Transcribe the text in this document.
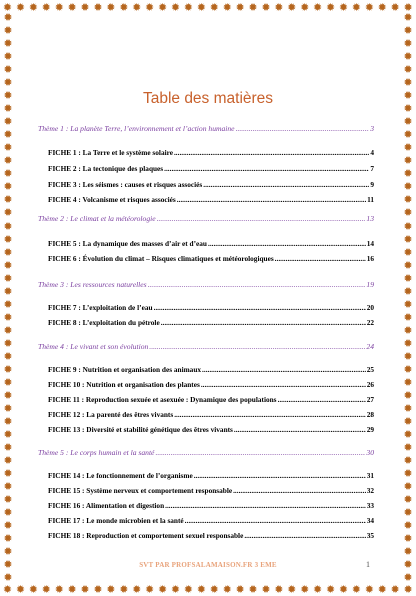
✹ ✹ ✹ ✹ ✹ ✹ ✹ ✹ ✹ ✹ ✹ ✹ ✹ ✹ ✹ ✹ ✹ ✹ ✹ ✹ ✹ ✹ ✹ ✹ ✹ ✹ ✹ ✹ ✹ ✹ ✹ ✹
✹ ✹ ✹ ✹ ✹ ✹ ✹ ✹ ✹ ✹ ✹ ✹ ✹ ✹ ✹ ✹ ✹ ✹ ✹ ✹ ✹ ✹ ✹ ✹ ✹ ✹ ✹ ✹ ✹ ✹ ✹ ✹
✹
✹
✹
✹
✹
✹
✹
✹
✹
✹
✹
✹
✹
✹
✹
✹
✹
✹
✹
✹
✹
✹
✹
✹
✹
✹
✹
✹
✹
✹
✹
✹
✹
✹
✹
✹
✹
✹
✹
✹
✹
✹
✹
✹
✹
✹
✹
✹
✹
✹
✹
✹
✹
✹
✹
✹
✹
✹
✹
✹
✹
✹
✹
✹
✹
✹
✹
✹
✹
✹
✹
✹
✹
✹
✹
✹
✹
✹
✹
✹
✹
✹
✹
✹
✹
✹
✹
✹
Table des matières
Thème 1 : La planète Terre, l’environnement et l’action humaine .....	3
FICHE 1 : La Terre et le système solaire .....	4
FICHE 2 : La tectonique des plaques .....	7
FICHE 3 : Les séismes : causes et risques associés .....	9
FICHE 4 : Volcanisme et risques associés .....	11
Thème 2 : Le climat et la météorologie .....	13
FICHE 5 : La dynamique des masses d’air et d’eau .....	14
FICHE 6 : Évolution du climat – Risques climatiques et météorologiques .....	16
Thème 3 : Les ressources naturelles .....	19
FICHE 7 : L’exploitation de l’eau .....	20
FICHE 8 : L’exploitation du pétrole .....	22
Thème 4 : Le vivant et son évolution .....	24
FICHE 9 : Nutrition et organisation des animaux .....	25
FICHE 10 : Nutrition et organisation des plantes .....	26
FICHE 11 : Reproduction sexuée et asexuée : Dynamique des populations .....	27
FICHE 12 : La parenté des êtres vivants .....	28
FICHE 13 : Diversité et stabilité génétique des êtres vivants .....	29
Thème 5 : Le corps humain et la santé .....	30
FICHE 14 : Le fonctionnement de l’organisme .....	31
FICHE 15 : Système nerveux et comportement responsable .....	32
FICHE 16 : Alimentation et digestion .....	33
FICHE 17 : Le monde microbien et la santé .....	34
FICHE 18 : Reproduction et comportement sexuel responsable .....	35
SVT PAR PROFSALAMAISON.FR 3 EME	1
